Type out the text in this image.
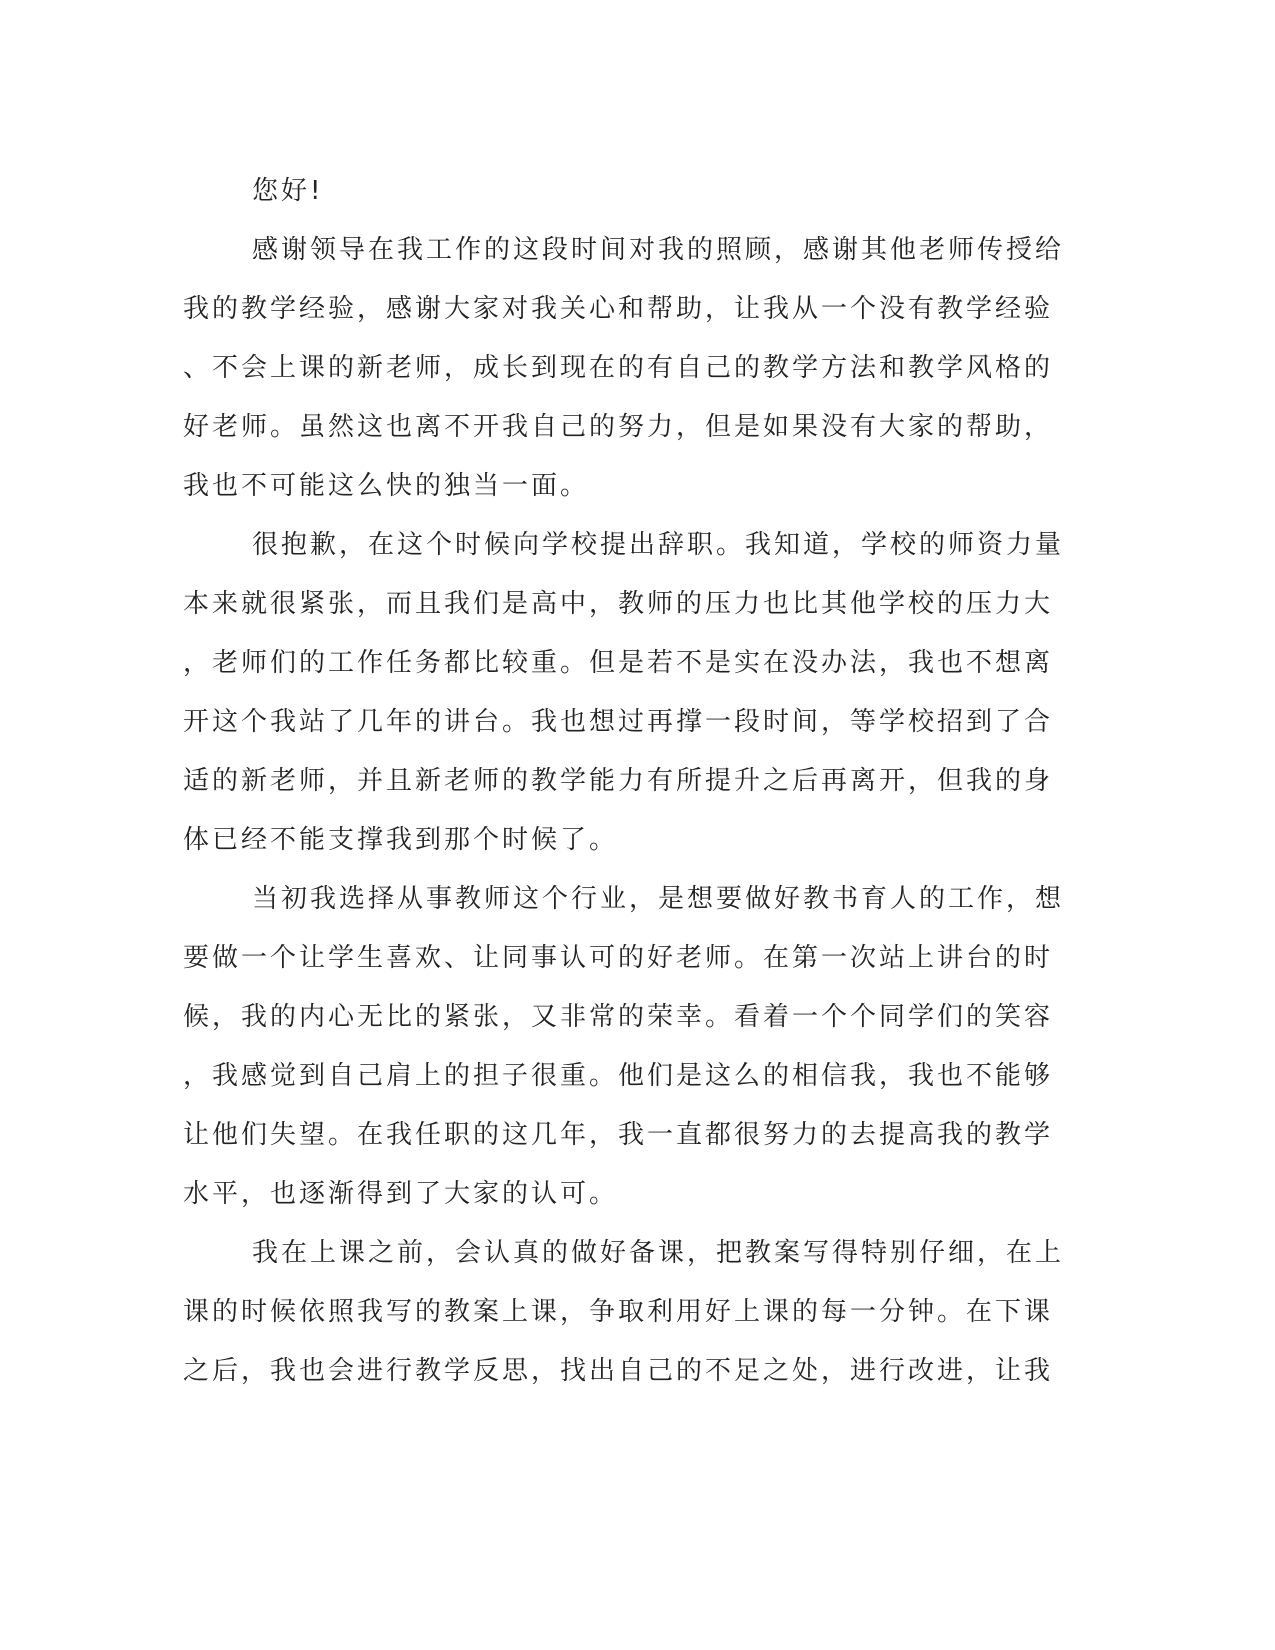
您好!
感谢领导在我工作的这段时间对我的照顾，感谢其他老师传授给
我的教学经验，感谢大家对我关心和帮助，让我从一个没有教学经验
、不会上课的新老师，成长到现在的有自己的教学方法和教学风格的
好老师。虽然这也离不开我自己的努力，但是如果没有大家的帮助，
我也不可能这么快的独当一面。
很抱歉，在这个时候向学校提出辞职。我知道，学校的师资力量
本来就很紧张，而且我们是高中，教师的压力也比其他学校的压力大
，老师们的工作任务都比较重。但是若不是实在没办法，我也不想离
开这个我站了几年的讲台。我也想过再撑一段时间，等学校招到了合
适的新老师，并且新老师的教学能力有所提升之后再离开，但我的身
体已经不能支撑我到那个时候了。
当初我选择从事教师这个行业，是想要做好教书育人的工作，想
要做一个让学生喜欢、让同事认可的好老师。在第一次站上讲台的时
候，我的内心无比的紧张，又非常的荣幸。看着一个个同学们的笑容
，我感觉到自己肩上的担子很重。他们是这么的相信我，我也不能够
让他们失望。在我任职的这几年，我一直都很努力的去提高我的教学
水平，也逐渐得到了大家的认可。
我在上课之前，会认真的做好备课，把教案写得特别仔细，在上
课的时候依照我写的教案上课，争取利用好上课的每一分钟。在下课
之后，我也会进行教学反思，找出自己的不足之处，进行改进，让我
